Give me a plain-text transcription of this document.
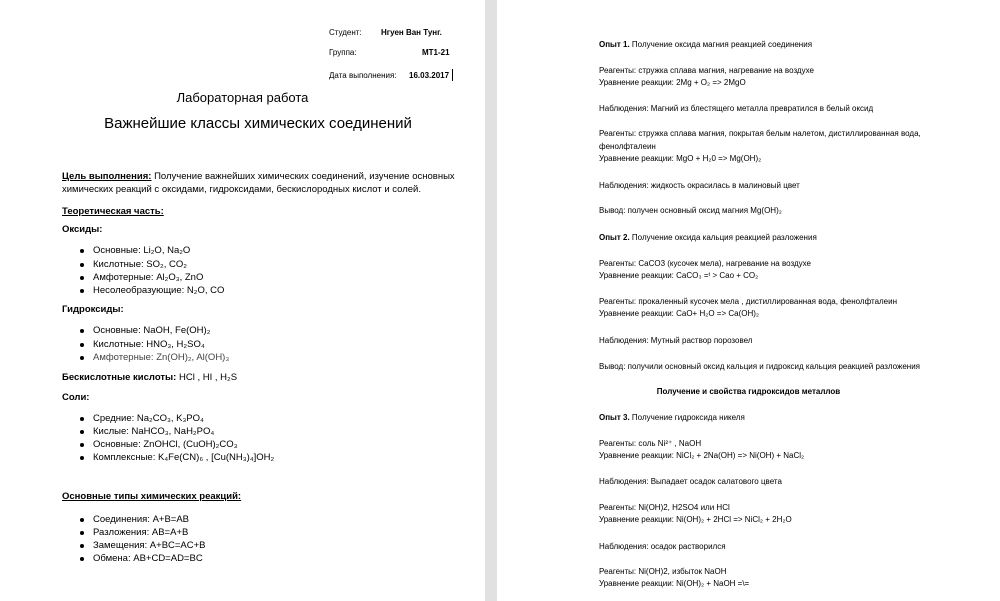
Студент: Нгуен Ван Тунг.
Группа:	МТ1-21
Дата выполнения: 16.03.2017
Лабораторная работа
Важнейшие классы химических соединений
Цель выполнения: Получение важнейших химических соединений, изучение основных
химических реакций с оксидами, гидроксидами, бескислородных кислот и солей.
Теоретическая часть:
Оксиды:
Основные: Li₂O, Na₂O
Кислотные: SO₂, CO₂
Амфотерные: Al₂O₃, ZnO
Несолеобразующие: N₂O, CO
Гидроксиды:
Основные: NaOH, Fe(OH)₂
Кислотные: HNO₃, H₂SO₄
Амфотерные: Zn(OH)₂, Al(OH)₃
Бескислотные кислоты: HCl , HI , H₂S
Соли:
Средние: Na₂CO₃, K₃PO₄
Кислые: NaHCO₃, NaH₂PO₄
Основные: ZnOHCl, (CuOH)₂CO₃
Комплексные: K₄Fe(CN)₆ , [Cu(NH₃)₄]OH₂
Основные типы химических реакций:
Соединения: A+B=AB
Разложения: AB=A+B
Замещения: A+BC=AC+B
Обмена: AB+CD=AD=BC
Опыт 1. Получение оксида магния реакцией соединения
Реагенты: стружка сплава магния, нагревание на воздухе
Уравнение реакции: 2Mg + O₂ => 2MgO
Наблюдения: Магний из блестящего металла превратился в белый оксид
Реагенты: стружка сплава магния, покрытая белым налетом, дистиллированная вода,
фенолфталеин
Уравнение реакции: MgO + H₂0 => Mg(OH)₂
Наблюдения: жидкость окрасилась в малиновый цвет
Вывод: получен основный оксид магния Mg(OH)₂
Опыт 2. Получение оксида кальция реакцией разложения
Реагенты: CaCO3 (кусочек мела), нагревание на воздухе
Уравнение реакции: CaCO₃ =ᵗ > Cao + CO₂
Реагенты: прокаленный кусочек мела , дистиллированная вода, фенолфталеин
Уравнение реакции: CaO+ H₂O => Ca(OH)₂
Наблюдения: Мутный раствор порозовел
Вывод: получили основный оксид кальция и гидроксид кальция реакцией разложения
Получение и свойства гидроксидов металлов
Опыт 3. Получение гидроксида никеля
Реагенты: соль Ni²⁺ , NaOH
Уравнение реакции: NiCl₂ + 2Na(OH) => Ni(OH) + NaCl₂
Наблюдения: Выпадает осадок салатового цвета
Реагенты: Ni(OH)2, H2SO4 или HCl
Уравнение реакции: Ni(OH)₂ + 2HCl => NiCl₂ + 2H₂O
Наблюдения: осадок растворился
Реагенты: Ni(OH)2, избыток NaOH
Уравнение реакции: Ni(OH)₂ + NaOH =\=
